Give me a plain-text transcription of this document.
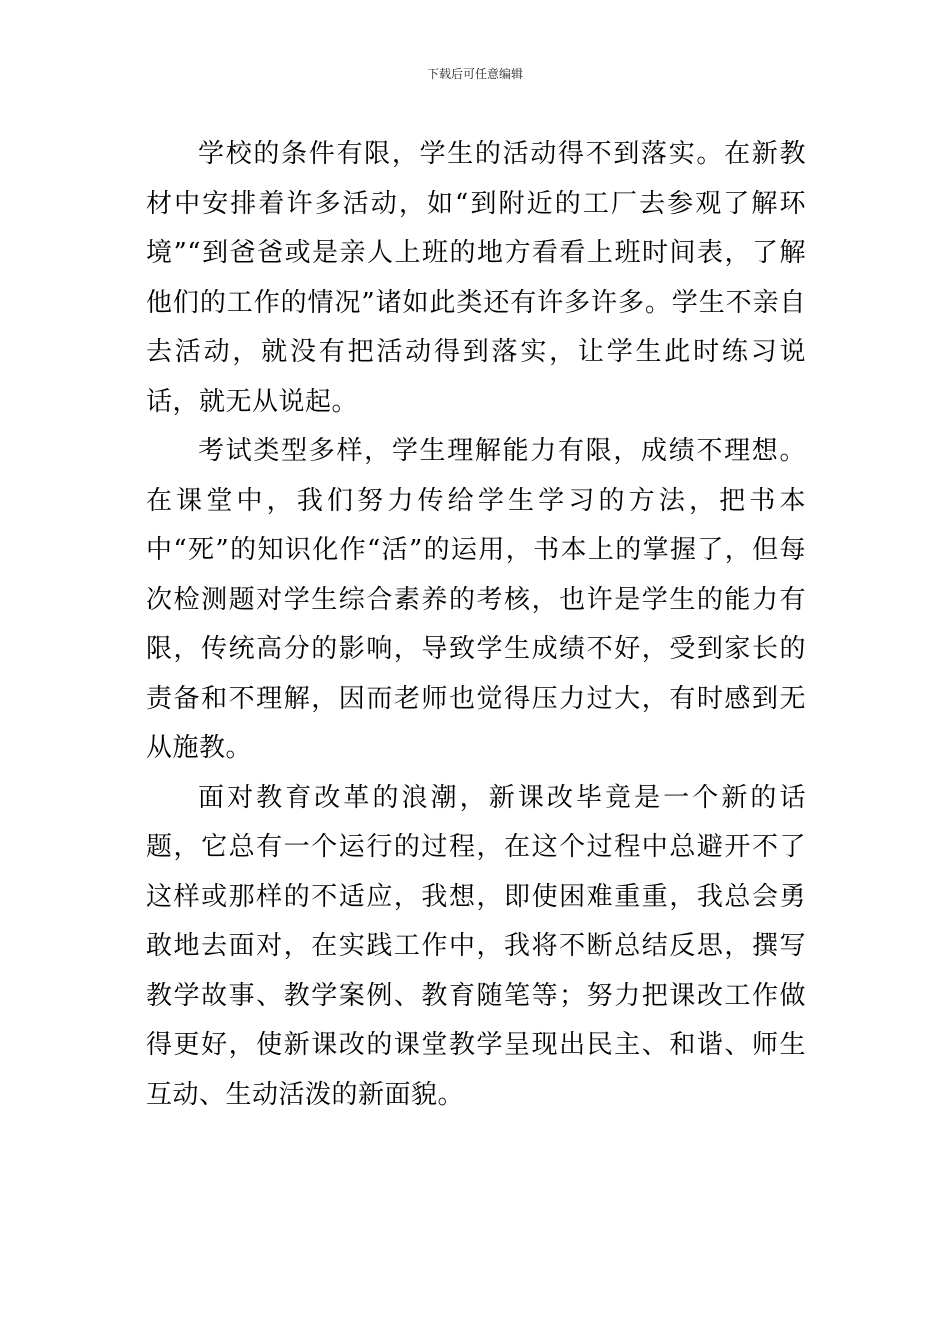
下载后可任意编辑

学校的条件有限，学生的活动得不到落实。在新教材中安排着许多活动，如“到附近的工厂去参观了解环境”“到爸爸或是亲人上班的地方看看上班时间表，了解他们的工作的情况”诸如此类还有许多许多。学生不亲自去活动，就没有把活动得到落实，让学生此时练习说话，就无从说起。

考试类型多样，学生理解能力有限，成绩不理想。在课堂中，我们努力传给学生学习的方法，把书本中“死”的知识化作“活”的运用，书本上的掌握了，但每次检测题对学生综合素养的考核，也许是学生的能力有限，传统高分的影响，导致学生成绩不好，受到家长的责备和不理解，因而老师也觉得压力过大，有时感到无从施教。

面对教育改革的浪潮，新课改毕竟是一个新的话题，它总有一个运行的过程，在这个过程中总避开不了这样或那样的不适应，我想，即使困难重重，我总会勇敢地去面对，在实践工作中，我将不断总结反思，撰写教学故事、教学案例、教育随笔等；努力把课改工作做得更好，使新课改的课堂教学呈现出民主、和谐、师生互动、生动活泼的新面貌。
